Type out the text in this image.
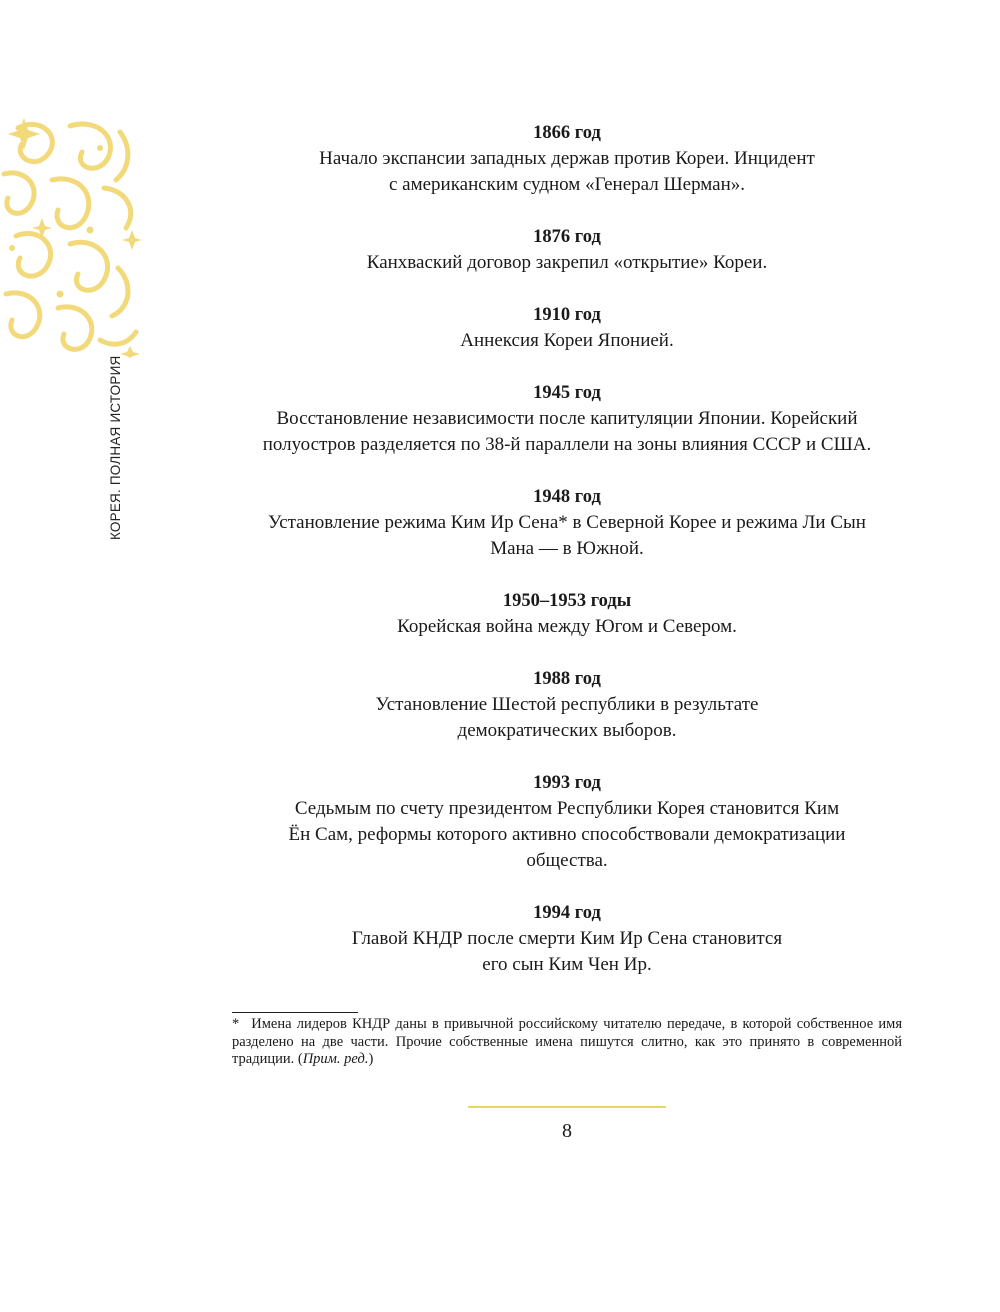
КОРЕЯ. ПОЛНАЯ ИСТОРИЯ
1866 год
Начало экспансии западных держав против Кореи. Инцидент
с американским судном «Генерал Шерман».
1876 год
Канхваский договор закрепил «открытие» Кореи.
1910 год
Аннексия Кореи Японией.
1945 год
Восстановление независимости после капитуляции Японии. Корейский
полуостров разделяется по 38-й параллели на зоны влияния СССР и США.
1948 год
Установление режима Ким Ир Сена* в Северной Корее и режима Ли Сын
Мана — в Южной.
1950–1953 годы
Корейская война между Югом и Севером.
1988 год
Установление Шестой республики в результате
демократических выборов.
1993 год
Седьмым по счету президентом Республики Корея становится Ким
Ён Сам, реформы которого активно способствовали демократизации
общества.
1994 год
Главой КНДР после смерти Ким Ир Сена становится
его сын Ким Чен Ир.
* Имена лидеров КНДР даны в привычной российскому читателю передаче, в которой собственное имя разделено на две части. Прочие собственные имена пишутся слитно, как это принято в современной традиции. (Прим. ред.)
8
